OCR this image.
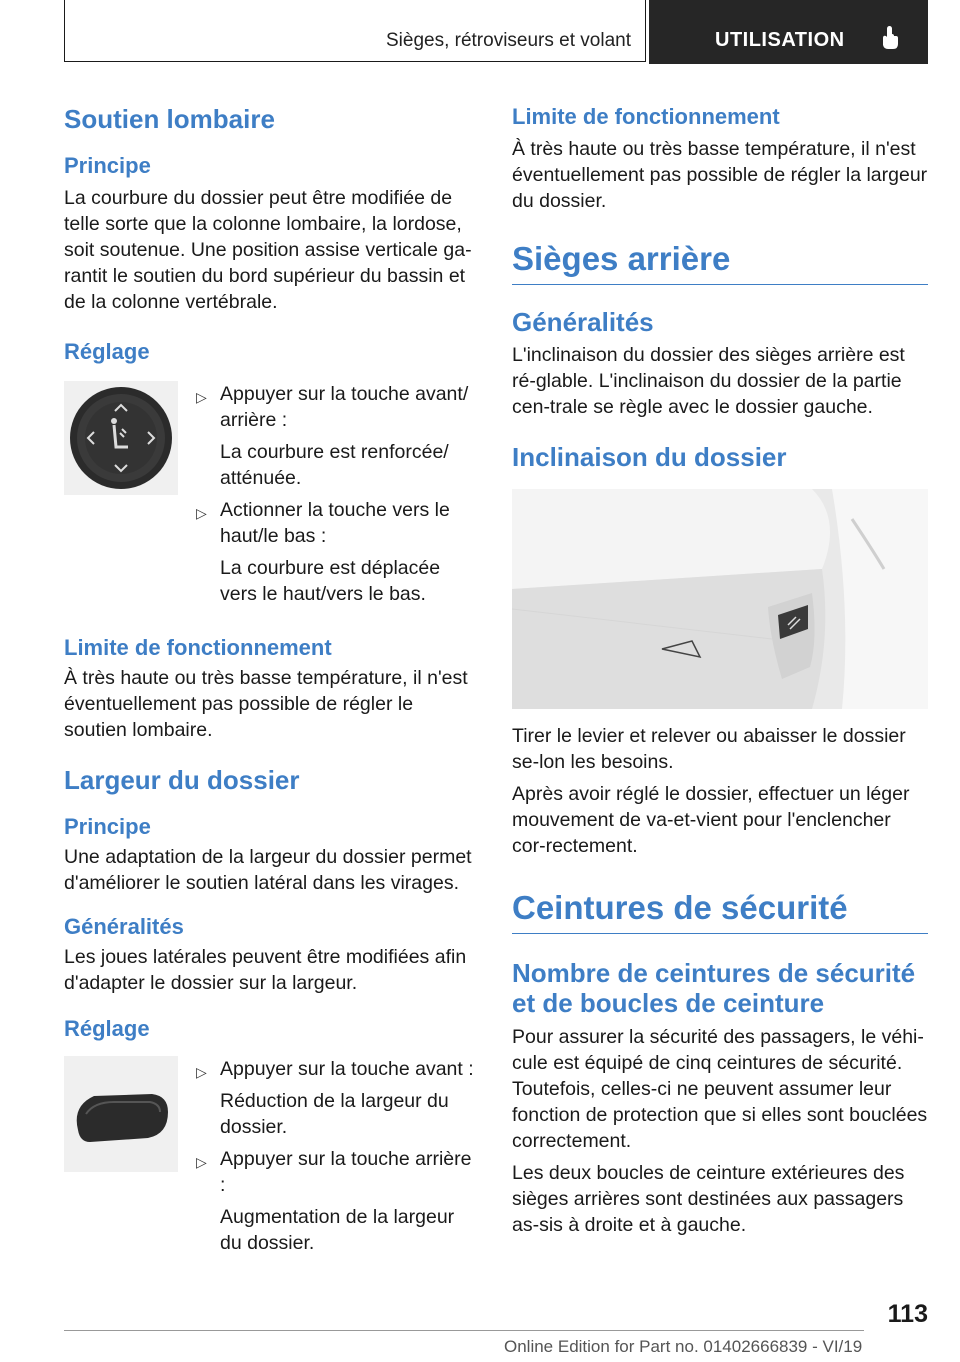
Sièges, rétroviseurs et volant	UTILISATION
Soutien lombaire
Principe

La courbure du dossier peut être modifiée de telle sorte que la colonne lombaire, la lordose, soit soutenue. Une position assise verticale ga-rantit le soutien du bord supérieur du bassin et de la colonne vertébrale.

Réglage
▷ Appuyer sur la touche avant/ arrière :
La courbure est renforcée/ atténuée.
▷ Actionner la touche vers le haut/le bas :
La courbure est déplacée vers le haut/vers le bas.
Limite de fonctionnement

À très haute ou très basse température, il n'est éventuellement pas possible de régler le soutien lombaire.

Largeur du dossier
Principe

Une adaptation de la largeur du dossier permet d'améliorer le soutien latéral dans les virages.

Généralités

Les joues latérales peuvent être modifiées afin d'adapter le dossier sur la largeur.

Réglage
▷ Appuyer sur la touche avant :
Réduction de la largeur du dossier.
▷ Appuyer sur la touche arrière :
Augmentation de la largeur du dossier.
Limite de fonctionnement

À très haute ou très basse température, il n'est éventuellement pas possible de régler la largeur du dossier.

Sièges arrière
Généralités

L'inclinaison du dossier des sièges arrière est ré-glable. L'inclinaison du dossier de la partie cen-trale se règle avec le dossier gauche.

Inclinaison du dossier

Tirer le levier et relever ou abaisser le dossier se-lon les besoins.

Après avoir réglé le dossier, effectuer un léger mouvement de va-et-vient pour l'enclencher cor-rectement.

Ceintures de sécurité
Nombre de ceintures de sécurité et de boucles de ceinture

Pour assurer la sécurité des passagers, le véhi-cule est équipé de cinq ceintures de sécurité. Toutefois, celles-ci ne peuvent assumer leur fonction de protection que si elles sont bouclées correctement.

Les deux boucles de ceinture extérieures des sièges arrières sont destinées aux passagers as-sis à droite et à gauche.

113
Online Edition for Part no. 01402666839 - VI/19
